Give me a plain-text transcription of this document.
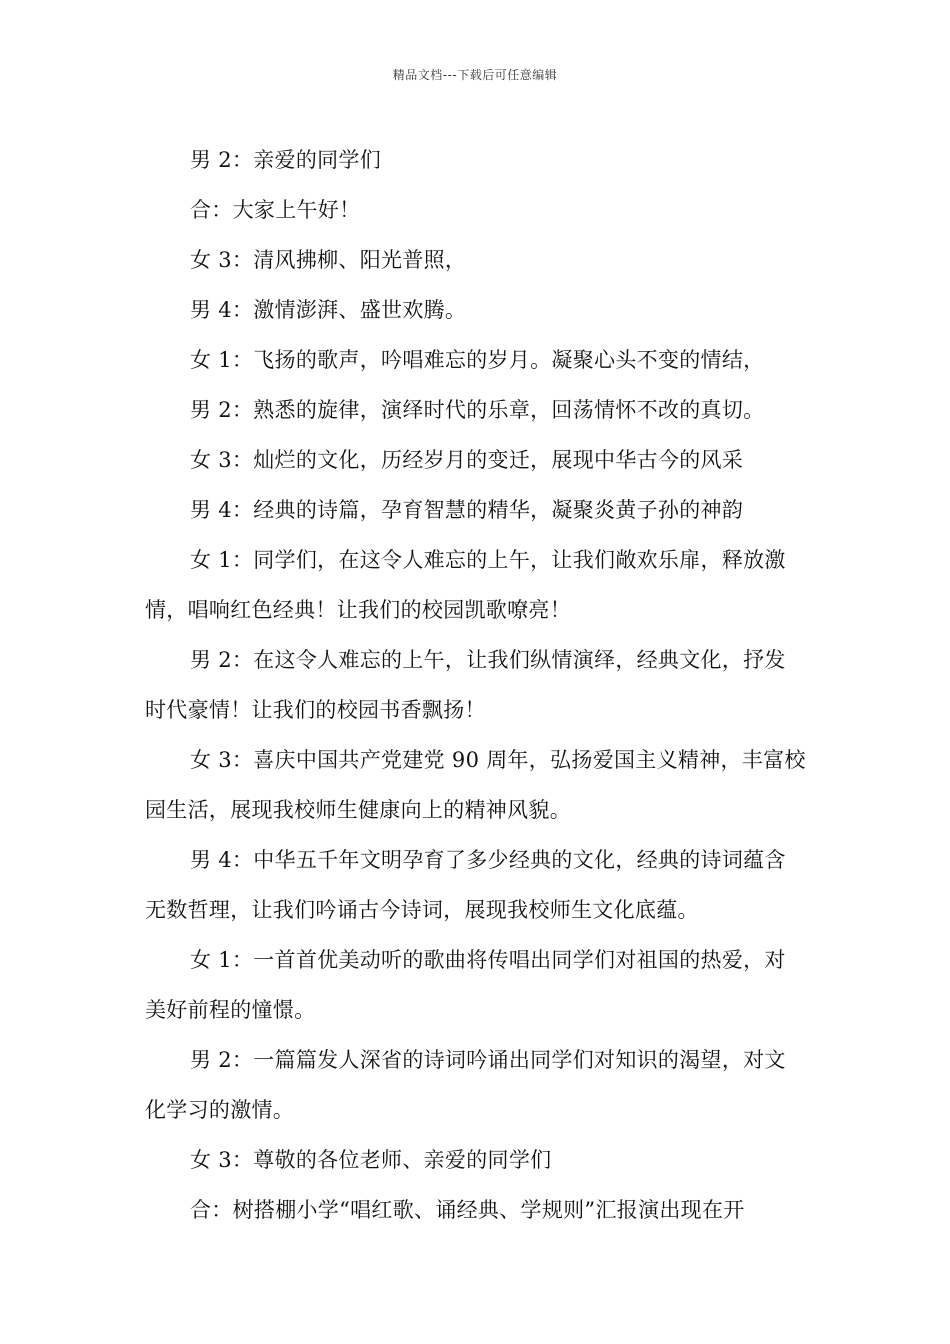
精品文档---下载后可任意编辑

男 2：亲爱的同学们

合：大家上午好！

女 3：清风拂柳、阳光普照，

男 4：激情澎湃、盛世欢腾。

女 1：飞扬的歌声，吟唱难忘的岁月。凝聚心头不变的情结，

男 2：熟悉的旋律，演绎时代的乐章，回荡情怀不改的真切。

女 3：灿烂的文化，历经岁月的变迁，展现中华古今的风采

男 4：经典的诗篇，孕育智慧的精华，凝聚炎黄子孙的神韵

女 1：同学们，在这令人难忘的上午，让我们敞欢乐扉，释放激情，唱响红色经典！让我们的校园凯歌嘹亮！

男 2：在这令人难忘的上午，让我们纵情演绎，经典文化，抒发时代豪情！让我们的校园书香飘扬！

女 3：喜庆中国共产党建党 90 周年，弘扬爱国主义精神，丰富校园生活，展现我校师生健康向上的精神风貌。

男 4：中华五千年文明孕育了多少经典的文化，经典的诗词蕴含无数哲理，让我们吟诵古今诗词，展现我校师生文化底蕴。

女 1：一首首优美动听的歌曲将传唱出同学们对祖国的热爱，对美好前程的憧憬。

男 2：一篇篇发人深省的诗词吟诵出同学们对知识的渴望，对文化学习的激情。

女 3：尊敬的各位老师、亲爱的同学们

合：树搭棚小学“唱红歌、诵经典、学规则”汇报演出现在开
